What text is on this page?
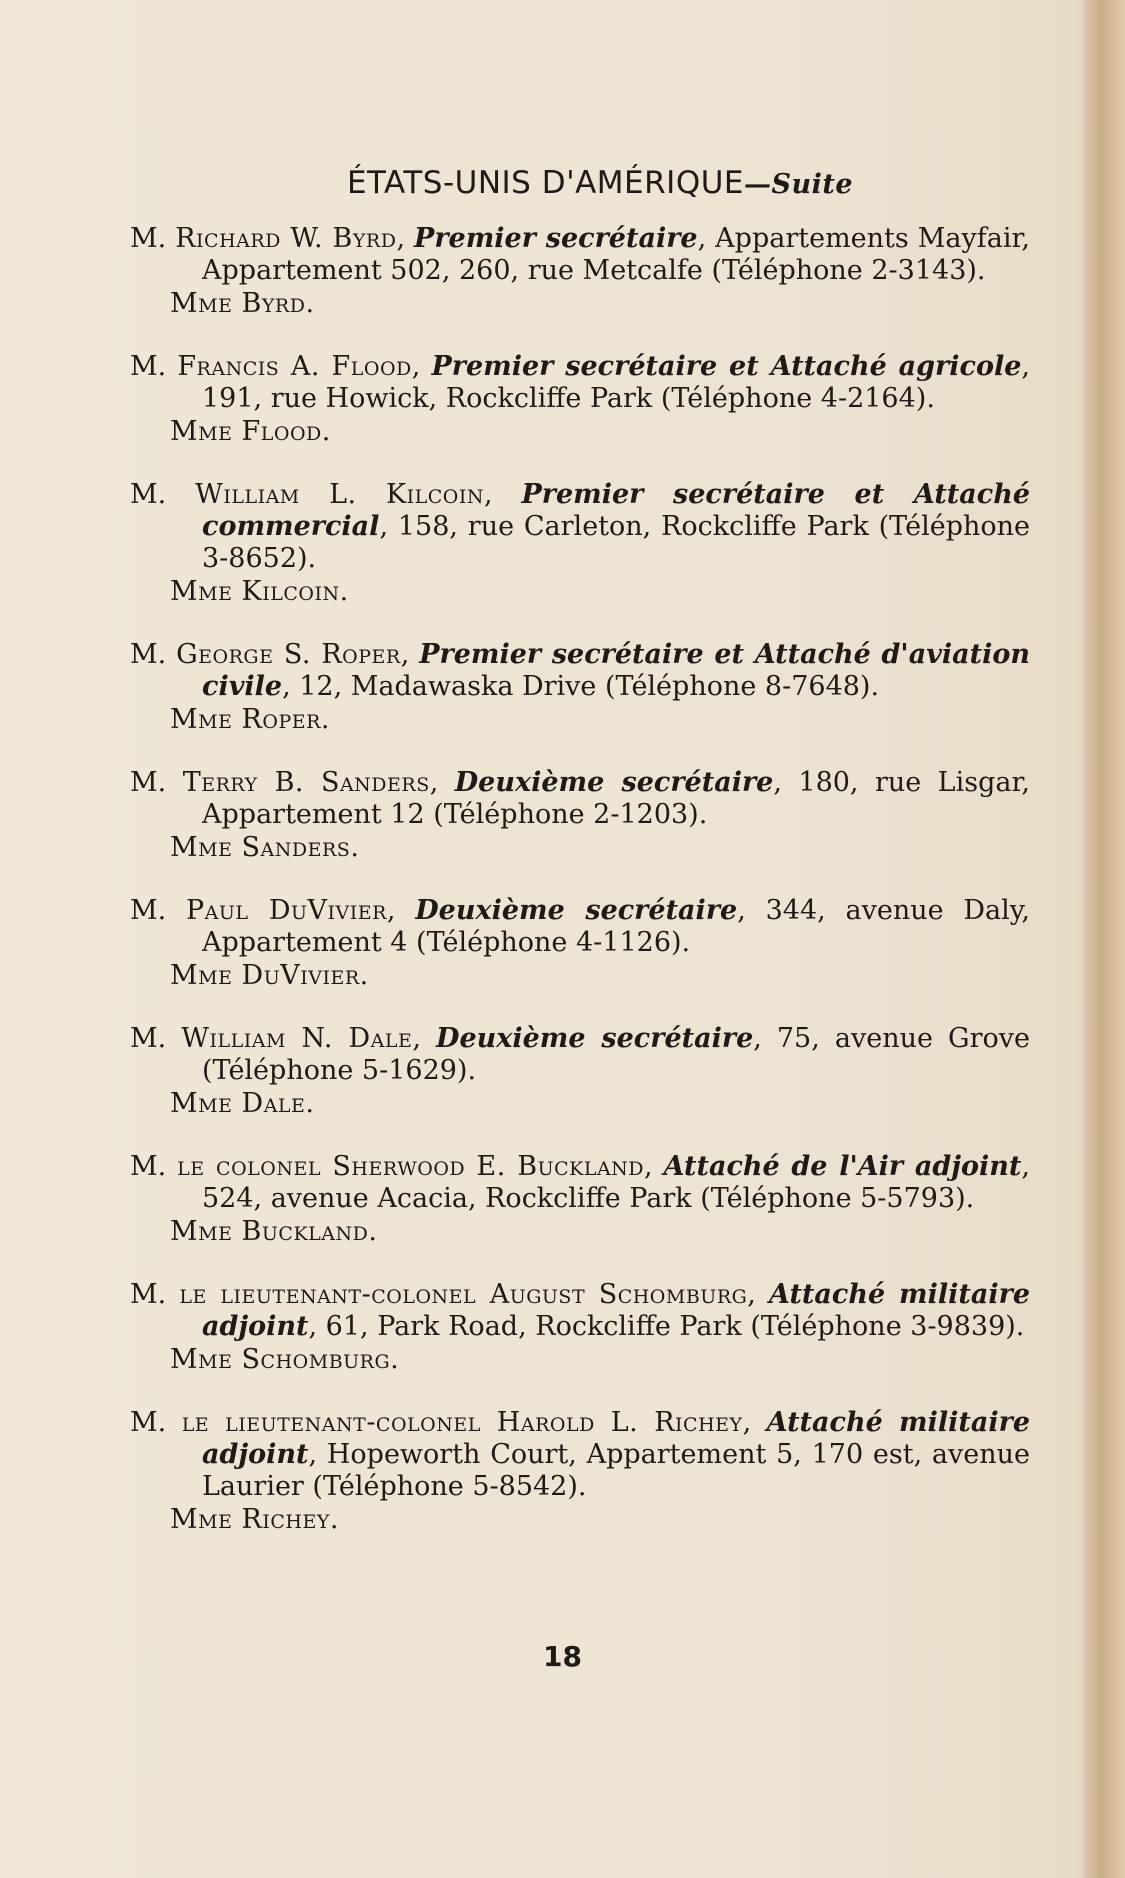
ÉTATS-UNIS D'AMÉRIQUE—Suite
M. Richard W. Byrd, Premier secrétaire, Appartements Mayfair, Appartement 502, 260, rue Metcalfe (Téléphone 2-3143).
Mme Byrd.
M. Francis A. Flood, Premier secrétaire et Attaché agricole, 191, rue Howick, Rockcliffe Park (Téléphone 4-2164).
Mme Flood.
M. William L. Kilcoin, Premier secrétaire et Attaché commercial, 158, rue Carleton, Rockcliffe Park (Téléphone 3-8652).
Mme Kilcoin.
M. George S. Roper, Premier secrétaire et Attaché d'aviation civile, 12, Madawaska Drive (Téléphone 8-7648).
Mme Roper.
M. Terry B. Sanders, Deuxième secrétaire, 180, rue Lisgar, Appartement 12 (Téléphone 2-1203).
Mme Sanders.
M. Paul DuVivier, Deuxième secrétaire, 344, avenue Daly, Appartement 4 (Téléphone 4-1126).
Mme DuVivier.
M. William N. Dale, Deuxième secrétaire, 75, avenue Grove (Téléphone 5-1629).
Mme Dale.
M. le colonel Sherwood E. Buckland, Attaché de l'Air adjoint, 524, avenue Acacia, Rockcliffe Park (Téléphone 5-5793).
Mme Buckland.
M. le lieutenant-colonel August Schomburg, Attaché militaire adjoint, 61, Park Road, Rockcliffe Park (Téléphone 3-9839).
Mme Schomburg.
M. le lieutenant-colonel Harold L. Richey, Attaché militaire adjoint, Hopeworth Court, Appartement 5, 170 est, avenue Laurier (Téléphone 5-8542).
Mme Richey.
18
